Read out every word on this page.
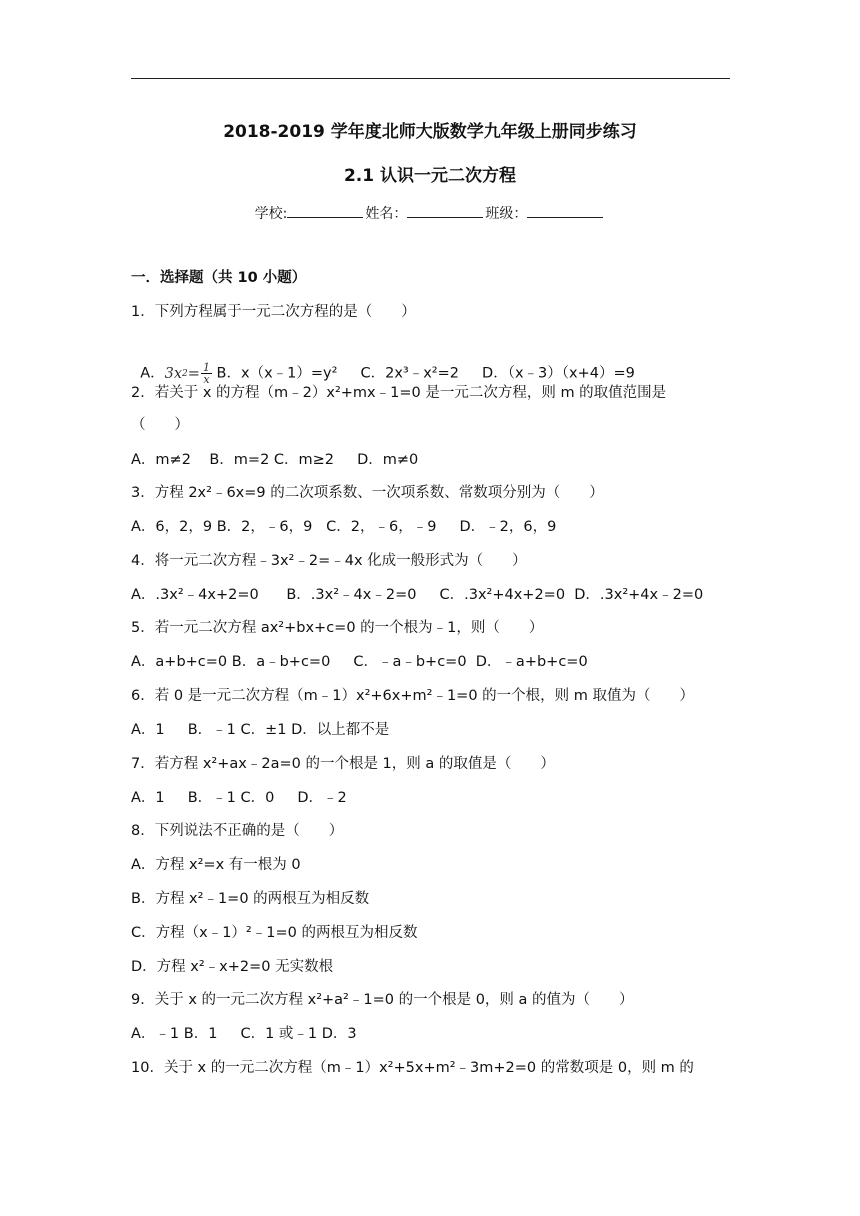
2018-2019 学年度北师大版数学九年级上册同步练习
2.1 认识一元二次方程
学校:	姓名：	班级：
一．选择题（共 10 小题）
1．下列方程属于一元二次方程的是（　　）

A． 3x $2 = \frac{1}{x}$ B．x（x﹣1）=y²     C．2x³﹣x²=2     D．（x﹣3）（x+4）=9

2．若关于 x 的方程（m﹣2）x²+mx﹣1=0 是一元二次方程，则 m 的取值范围是
（　　）
A．m≠2    B．m=2 C．m≥2     D．m≠0
3．方程 2x²﹣6x=9 的二次项系数、一次项系数、常数项分别为（　　）
A．6，2，9 B．2，﹣6，9   C．2，﹣6，﹣9     D．﹣2，6，9
4．将一元二次方程﹣3x²﹣2=﹣4x 化成一般形式为（　　）
A．.3x²﹣4x+2=0      B．.3x²﹣4x﹣2=0     C．.3x²+4x+2=0  D．.3x²+4x﹣2=0
5．若一元二次方程 ax²+bx+c=0 的一个根为﹣1，则（　　）
A．a+b+c=0 B．a﹣b+c=0     C．﹣a﹣b+c=0  D．﹣a+b+c=0
6．若 0 是一元二次方程（m﹣1）x²+6x+m²﹣1=0 的一个根，则 m 取值为（　　）
A．1     B．﹣1 C．±1 D．以上都不是
7．若方程 x²+ax﹣2a=0 的一个根是 1，则 a 的取值是（　　）
A．1     B．﹣1 C．0     D．﹣2
8．下列说法不正确的是（　　）
A．方程 x²=x 有一根为 0
B．方程 x²﹣1=0 的两根互为相反数
C．方程（x﹣1）²﹣1=0 的两根互为相反数
D．方程 x²﹣x+2=0 无实数根
9．关于 x 的一元二次方程 x²+a²﹣1=0 的一个根是 0，则 a 的值为（　　）
A．﹣1 B．1     C．1 或﹣1 D．3
10．关于 x 的一元二次方程（m﹣1）x²+5x+m²﹣3m+2=0 的常数项是 0，则 m 的
